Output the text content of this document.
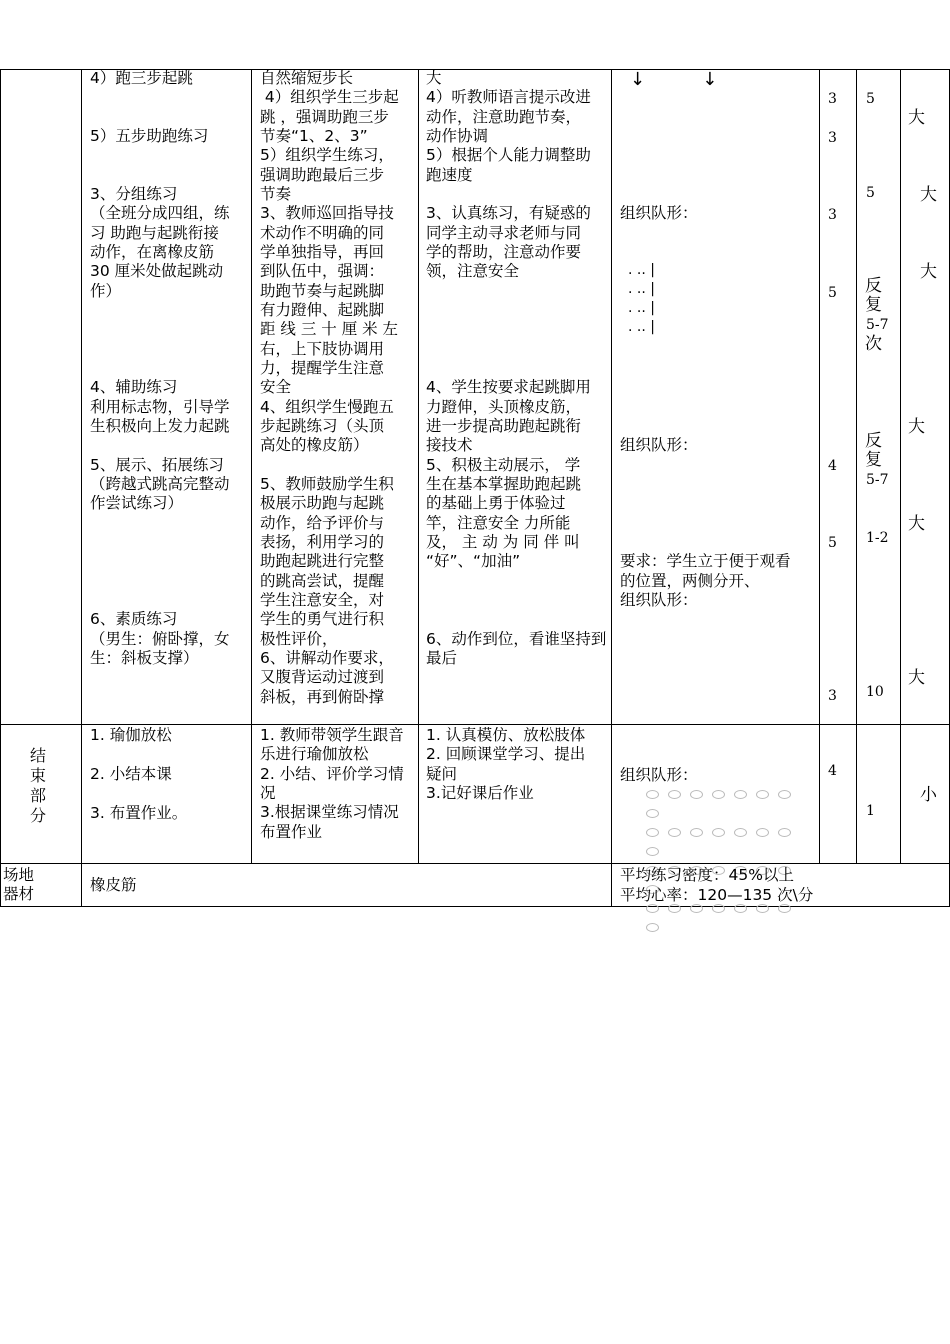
4）跑三步起跳
5）五步助跑练习
3、分组练习
（全班分成四组，练
习 助跑与起跳衔接
动作，在离橡皮筋
30 厘米处做起跳动
作）
4、辅助练习
利用标志物，引导学
生积极向上发力起跳
5、展示、拓展练习
（跨越式跳高完整动
作尝试练习）
6、素质练习
（男生：俯卧撑，女
生：斜板支撑）
自然缩短步长
4）组织学生三步起
跳 ，强调助跑三步
节奏“1、2、3”
5）组织学生练习，
强调助跑最后三步
节奏
3、教师巡回指导技
术动作不明确的同
学单独指导，再回
到队伍中，强调：
助跑节奏与起跳脚
有力蹬伸、起跳脚
距 线 三 十 厘 米 左
右，上下肢协调用
力，提醒学生注意
安全
4、组织学生慢跑五
步起跳练习（头顶
高处的橡皮筋）
5、教师鼓励学生积
极展示助跑与起跳
动作，给予评价与
表扬，利用学习的
助跑起跳进行完整
的跳高尝试，提醒
学生注意安全，对
学生的勇气进行积
极性评价，
6、讲解动作要求，
又腹背运动过渡到
斜板，再到俯卧撑
大
4）听教师语言提示改进
动作，注意助跑节奏，
动作协调
5）根据个人能力调整助
跑速度
3、认真练习，有疑惑的
同学主动寻求老师与同
学的帮助，注意动作要
领，注意安全
4、学生按要求起跳脚用
力蹬伸，头顶橡皮筋，
进一步提高助跑起跳衔
接技术
5、积极主动展示， 学
生在基本掌握助跑起跳
的基础上勇于体验过
竿，注意安全 力所能
及， 主 动 为 同 伴 叫
“好”、“加油”
6、动作到位，看谁坚持到
最后
↓          ↓
组织队形：
. .. |
. .. |
. .. |
. .. |
组织队形：
要求：学生立于便于观看
的位置，两侧分开、
组织队形：
3
3
3
5
4
5
3
5
5
反
复
5-7
次
反
复
5-7
1-2
10
大
大
大
大
大
大
结
束
部
分
1. 瑜伽放松
2. 小结本课
3. 布置作业。
1. 教师带领学生跟音
乐进行瑜伽放松
2. 小结、评价学习情
况
3.根据课堂练习情况
布置作业
1. 认真模仿、放松肢体
2. 回顾课堂学习、提出
疑问
3.记好课后作业
组织队形：	4
1
小
场地
器材	橡皮筋
平均练习密度：45%以上
平均心率：120—135 次\分
